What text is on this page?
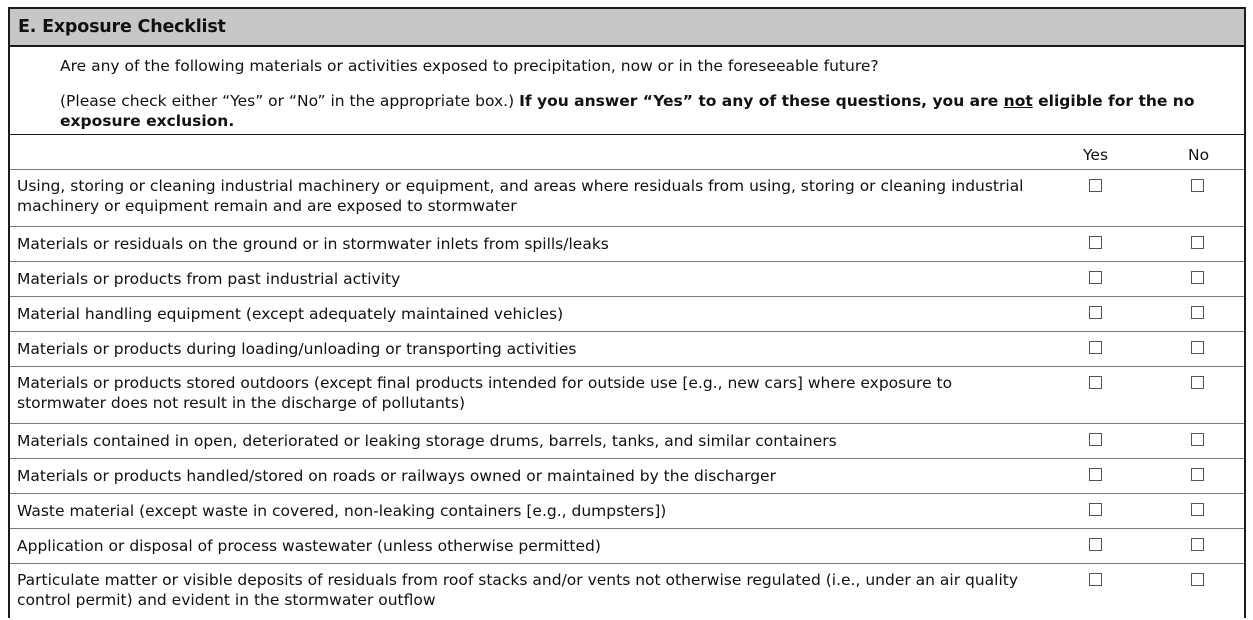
E. Exposure Checklist

Are any of the following materials or activities exposed to precipitation, now or in the foreseeable future?

(Please check either “Yes” or “No” in the appropriate box.) If you answer “Yes” to any of these questions, you are not eligible for the no exposure exclusion.

Yes	No
Using, storing or cleaning industrial machinery or equipment, and areas where residuals from using, storing or cleaning industrial machinery or equipment remain and are exposed to stormwater
Materials or residuals on the ground or in stormwater inlets from spills/leaks
Materials or products from past industrial activity
Material handling equipment (except adequately maintained vehicles)
Materials or products during loading/unloading or transporting activities
Materials or products stored outdoors (except final products intended for outside use [e.g., new cars] where exposure to stormwater does not result in the discharge of pollutants)
Materials contained in open, deteriorated or leaking storage drums, barrels, tanks, and similar containers
Materials or products handled/stored on roads or railways owned or maintained by the discharger
Waste material (except waste in covered, non-leaking containers [e.g., dumpsters])
Application or disposal of process wastewater (unless otherwise permitted)
Particulate matter or visible deposits of residuals from roof stacks and/or vents not otherwise regulated (i.e., under an air quality control permit) and evident in the stormwater outflow
